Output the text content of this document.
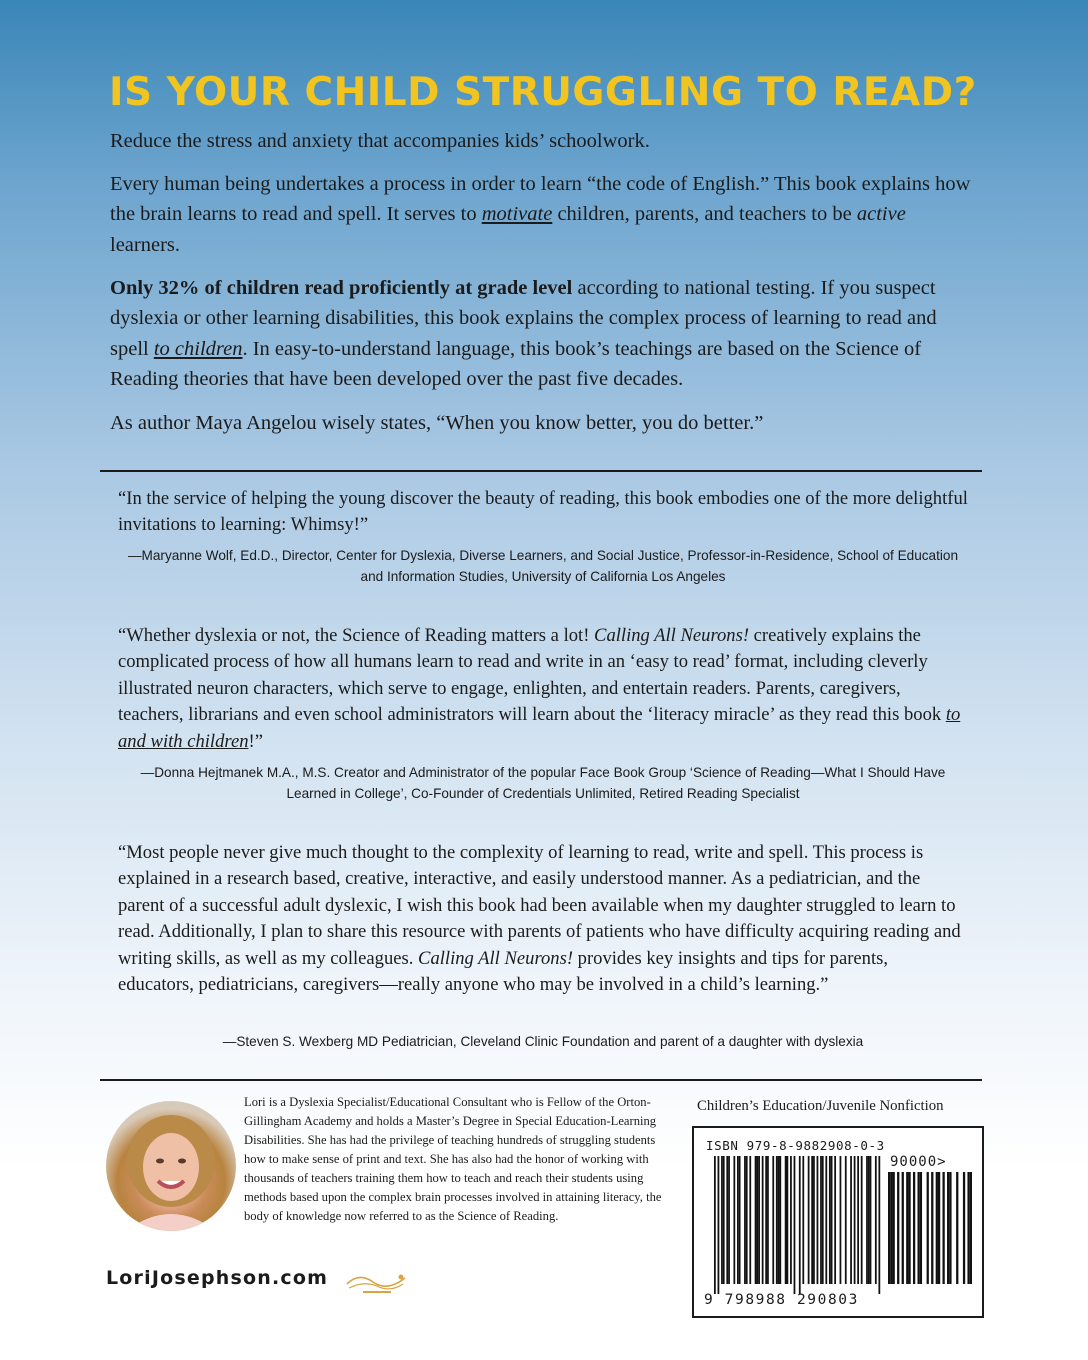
IS YOUR CHILD STRUGGLING TO READ?

Reduce the stress and anxiety that accompanies kids’ schoolwork.

Every human being undertakes a process in order to learn “the code of English.” This book explains how the brain learns to read and spell. It serves to motivate children, parents, and teachers to be active learners.

Only 32% of children read proficiently at grade level according to national testing. If you suspect dyslexia or other learning disabilities, this book explains the complex process of learning to read and spell to children. In easy-to-understand language, this book’s teachings are based on the Science of Reading theories that have been developed over the past five decades.

As author Maya Angelou wisely states, “When you know better, you do better.”

“In the service of helping the young discover the beauty of reading, this book embodies one of the more delightful invitations to learning: Whimsy!”

—Maryanne Wolf, Ed.D., Director, Center for Dyslexia, Diverse Learners, and Social Justice, Professor-in-Residence, School of Education and Information Studies, University of California Los Angeles

“Whether dyslexia or not, the Science of Reading matters a lot! Calling All Neurons! creatively explains the complicated process of how all humans learn to read and write in an ‘easy to read’ format, including cleverly illustrated neuron characters, which serve to engage, enlighten, and entertain readers. Parents, caregivers, teachers, librarians and even school administrators will learn about the ‘literacy miracle’ as they read this book to and with children!”

—Donna Hejtmanek M.A., M.S. Creator and Administrator of the popular Face Book Group ‘Science of Reading—What I Should Have Learned in College’, Co-Founder of Credentials Unlimited, Retired Reading Specialist

“Most people never give much thought to the complexity of learning to read, write and spell. This process is explained in a research based, creative, interactive, and easily understood manner. As a pediatrician, and the parent of a successful adult dyslexic, I wish this book had been available when my daughter struggled to learn to read. Additionally, I plan to share this resource with parents of patients who have difficulty acquiring reading and writing skills, as well as my colleagues. Calling All Neurons! provides key insights and tips for parents, educators, pediatricians, caregivers—really anyone who may be involved in a child’s learning.”

—Steven S. Wexberg MD Pediatrician, Cleveland Clinic Foundation and parent of a daughter with dyslexia

Lori is a Dyslexia Specialist/Educational Consultant who is Fellow of the Orton-Gillingham Academy and holds a Master’s Degree in Special Education-Learning Disabilities. She has had the privilege of teaching hundreds of struggling students how to make sense of print and text. She has also had the honor of working with thousands of teachers training them how to teach and reach their students using methods based upon the complex brain processes involved in attaining literacy, the body of knowledge now referred to as the Science of Reading.

LoriJosephson.com
Children’s Education/Juvenile Nonfiction
ISBN 979-8-9882908-0-3
90000>
9 798988 290803
